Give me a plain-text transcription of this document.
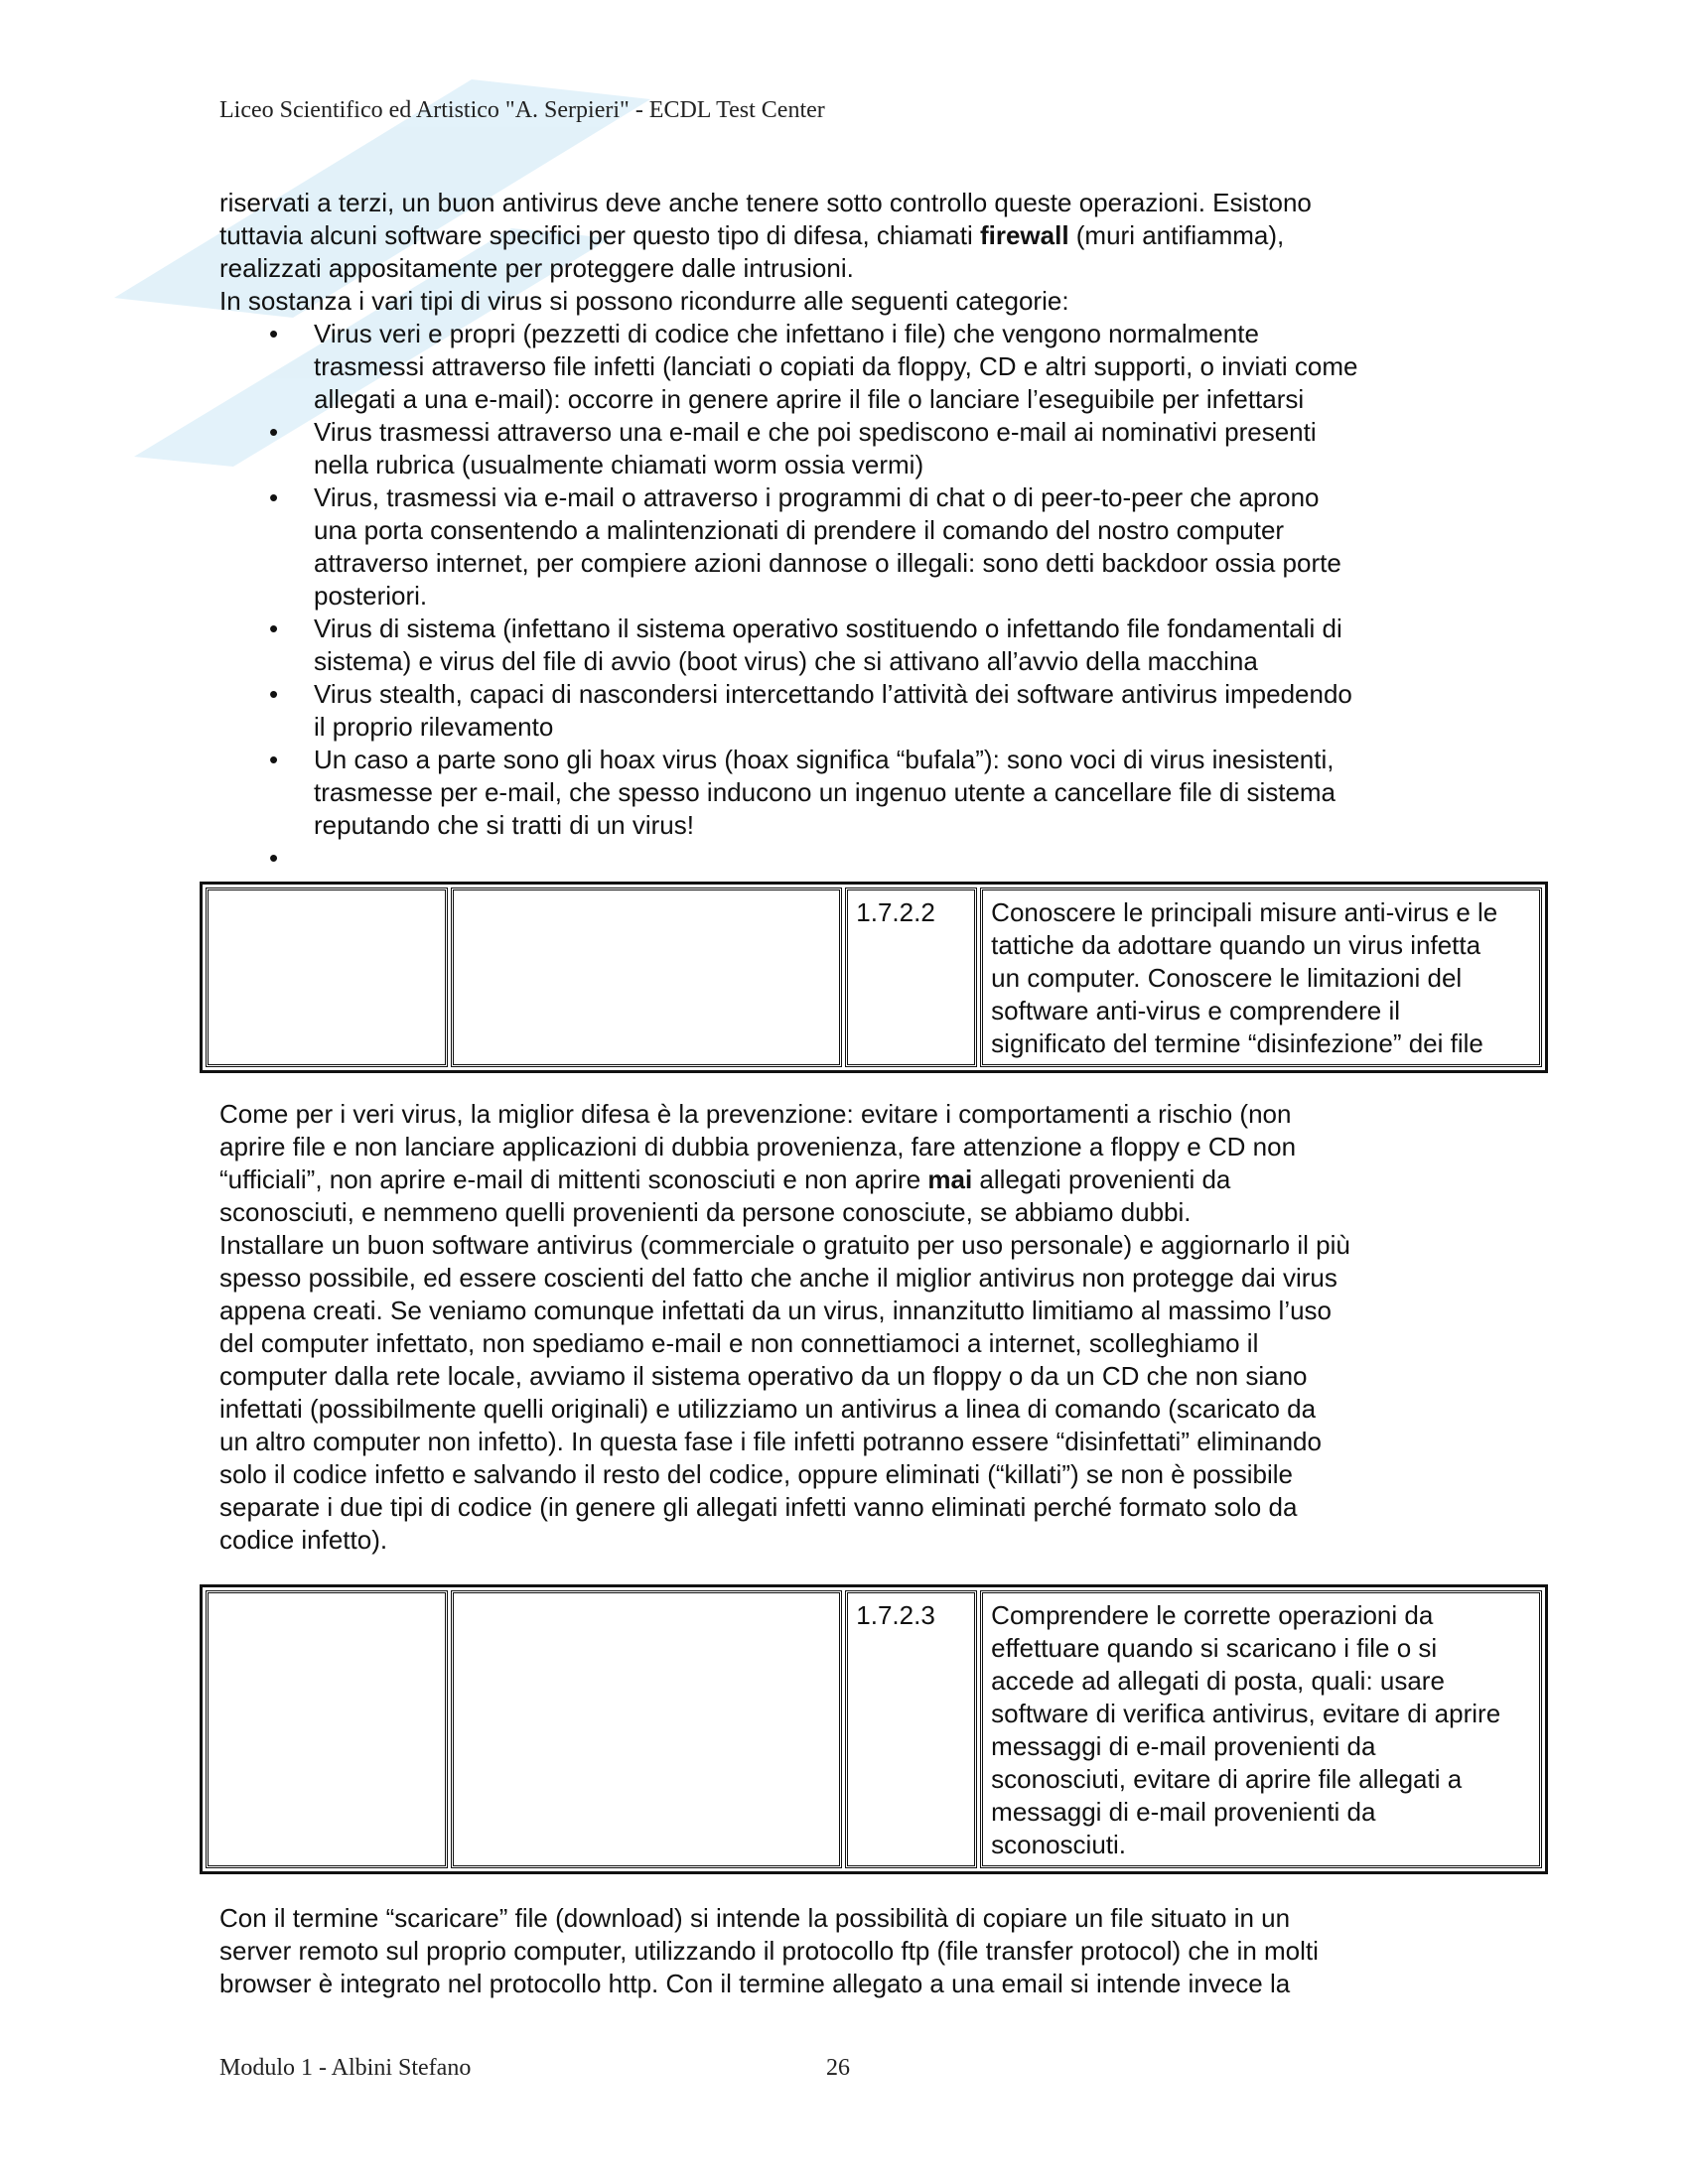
Liceo Scientifico ed Artistico "A. Serpieri" - ECDL Test Center
riservati a terzi, un buon antivirus deve anche tenere sotto controllo queste operazioni. Esistono
tuttavia alcuni software specifici per questo tipo di difesa, chiamati firewall (muri antifiamma),
realizzati appositamente per proteggere dalle intrusioni.
In sostanza i vari tipi di virus si possono ricondurre alle seguenti categorie:
• Virus veri e propri (pezzetti di codice che infettano i file) che vengono normalmente
trasmessi attraverso file infetti (lanciati o copiati da floppy, CD e altri supporti, o inviati come
allegati a una e-mail): occorre in genere aprire il file o lanciare l’eseguibile per infettarsi
• Virus trasmessi attraverso una e-mail e che poi spediscono e-mail ai nominativi presenti
nella rubrica (usualmente chiamati worm ossia vermi)
• Virus, trasmessi via e-mail o attraverso i programmi di chat o di peer-to-peer che aprono
una porta consentendo a malintenzionati di prendere il comando del nostro computer
attraverso internet, per compiere azioni dannose o illegali: sono detti backdoor ossia porte
posteriori.
• Virus di sistema (infettano il sistema operativo sostituendo o infettando file fondamentali di
sistema) e virus del file di avvio (boot virus) che si attivano all’avvio della macchina
• Virus stealth, capaci di nascondersi intercettando l’attività dei software antivirus impedendo
il proprio rilevamento
• Un caso a parte sono gli hoax virus (hoax significa “bufala”): sono voci di virus inesistenti,
trasmesse per e-mail, che spesso inducono un ingenuo utente a cancellare file di sistema
reputando che si tratti di un virus!
•
		1.7.2.2	Conoscere le principali misure anti-virus e le
tattiche da adottare quando un virus infetta
un computer. Conoscere le limitazioni del
software anti-virus e comprendere il
significato del termine “disinfezione” dei file
Come per i veri virus, la miglior difesa è la prevenzione: evitare i comportamenti a rischio (non
aprire file e non lanciare applicazioni di dubbia provenienza, fare attenzione a floppy e CD non
“ufficiali”, non aprire e-mail di mittenti sconosciuti e non aprire mai allegati provenienti da
sconosciuti, e nemmeno quelli provenienti da persone conosciute, se abbiamo dubbi.
Installare un buon software antivirus (commerciale o gratuito per uso personale) e aggiornarlo il più
spesso possibile, ed essere coscienti del fatto che anche il miglior antivirus non protegge dai virus
appena creati. Se veniamo comunque infettati da un virus, innanzitutto limitiamo al massimo l’uso
del computer infettato, non spediamo e-mail e non connettiamoci a internet, scolleghiamo il
computer dalla rete locale, avviamo il sistema operativo da un floppy o da un CD che non siano
infettati (possibilmente quelli originali) e utilizziamo un antivirus a linea di comando (scaricato da
un altro computer non infetto). In questa fase i file infetti potranno essere “disinfettati” eliminando
solo il codice infetto e salvando il resto del codice, oppure eliminati (“killati”) se non è possibile
separate i due tipi di codice (in genere gli allegati infetti vanno eliminati perché formato solo da
codice infetto).
		1.7.2.3	Comprendere le corrette operazioni da
effettuare quando si scaricano i file o si
accede ad allegati di posta, quali: usare
software di verifica antivirus, evitare di aprire
messaggi di e-mail provenienti da
sconosciuti, evitare di aprire file allegati a
messaggi di e-mail provenienti da
sconosciuti.
Con il termine “scaricare” file (download) si intende la possibilità di copiare un file situato in un
server remoto sul proprio computer, utilizzando il protocollo ftp (file transfer protocol) che in molti
browser è integrato nel protocollo http. Con il termine allegato a una email si intende invece la
Modulo 1 - Albini Stefano	26
